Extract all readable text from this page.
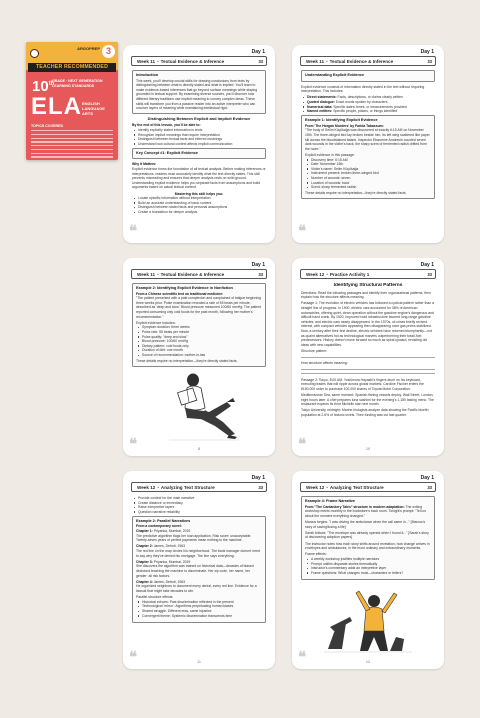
ARGOPREP 3
TEACHER RECOMMENDED
10th
GRADE · NEXT GENERATION LEARNING STANDARDS
ELA ENGLISH LANGUAGE ARTS
TOPICS COVERED
Day 1
Week 11 • Textual Evidence & Inference	33
Introduction
This week, you'll develop crucial skills for drawing conclusions from texts by distinguishing between what is directly stated and what is implied. You'll learn to make evidence-based inferences that go beyond surface meanings while staying grounded in textual support. By examining diverse sources, you'll discover how different literary traditions use implicit meaning to convey complex ideas. These skills will transform you from a passive reader into an active interpreter who can uncover layers of meaning while maintaining intellectual rigor.
Distinguishing Between Explicit and Implicit Evidence
By the end of this lesson, you'll be able to:
Identify explicitly stated information in texts
Recognize implicit meanings that require interpretation
Distinguish between textual facts and inferred meanings
Understand how cultural context affects implicit communication
Key Concept #1: Explicit Evidence
Why It Matters:
Explicit evidence forms the foundation of all textual analysis. Before making inferences or interpretations, readers must accurately identify what the text directly states. This skill prevents misreading and ensures that deeper analysis rests on solid ground. Understanding explicit evidence helps you separate facts from assumptions and build arguments based on actual textual content.
Mastering this skill helps you:
Locate specific information without interpretation
Build an accurate understanding of basic content
Distinguish between stated facts and personal assumptions
Create a foundation for deeper analysis
❝
Day 1
Week 11 • Textual Evidence & Inference	33
Understanding Explicit Evidence
Explicit evidence consists of information directly stated in the text without requiring interpretation. This includes:
Direct statements: Facts, descriptions, or claims clearly written
Quoted dialogue: Exact words spoken by characters
Numerical data: Specific dates, times, or measurements provided
Named entities: Specific people, places, or things identified
Example 1: Identifying Explicit Evidence
From 'The Horgan Murders' by Farida Tabassum:
"The body of Selim Küçükağa was discovered at exactly 6:15 AM on November 15th. The three-winged bird lay broken beside him. Its left wing scattered like paper slit across the bloodstained tatami. Inspector Ekwueme Amdrecin counted seven dark wounds in the victim's back, the sharp scent of fermented radish drifted from the room."
Explicit evidence in this passage:
Discovery time: 6:15 AM
Date: November 15th
Victim's name: Selim Küçükağa
Instrument present: broken three-winged bird
Number of wounds: seven
Location of wounds: back
Scent: sharp fermented radish
These details require no interpretation—they're directly stated facts.
❝
Day 1
Week 11 • Textual Evidence & Inference	33
Example 2: Identifying Explicit Evidence in Nonfiction
From a Chinese scientific text on traditional medicine:
"The patient presented with a pale complexion and complained of fatigue beginning three weeks prior. Pulse examination revealed a rate of 55 beats per minute, described as 'deep and slow.' Blood pressure measured 100/60 mmHg. The patient reported consuming only cold foods for the past month, following her mother's recommendation."
Explicit evidence includes:
Symptom duration: three weeks
Pulse rate: 55 beats per minute
Pulse quality: "deep and slow"
Blood pressure: 100/60 mmHg
Dietary pattern: cold foods only
Duration of diet: one month
Source of recommendation: mother-in-law
These details require no interpretation—they're directly stated facts.
❝	8
Day 1
Week 12 • Practice Activity 1	33
Identifying Structural Patterns
Directions: Read the following passages and identify their organizational patterns, then explain how the structure affects meaning.
Passage 1: The evolution of electric vehicles has followed a cyclical pattern rather than a straight line of progress. In 1900, electric cars accounted for 38% of American automobiles, offering quiet, clean operation without the gasoline engine's dangerous and difficult hand crank. By 1920, improved road infrastructure favored long-range gasoline vehicles, and electric cars nearly disappeared. In the 1970s, oil crises briefly revived interest, with compact vehicles appearing then disappearing once gas prices stabilized. Now, a century after their first decline, electric vehicles have returned triumphantly—not as quaint alternatives but as technological marvels outperforming their fossil-fuel predecessors. History doesn't move forward so much as spiral upward, revisiting old ideas with new capabilities.
Structure pattern:
How structure affects meaning:
Passage 2: Tokyo, 8:00 AM: Yoshimura Hayashi's fingers drum on his keyboard, executing trades that will ripple across global markets. Caroline Fischer enters the ¥150,000 order to purchase 100,000 shares of Toyota Motor Corporation.
Mediterranean Sea, same moment: Spanish fishing vessels deploy. Wall Street, London, eight hours later: A chef prepares tuna sashimi for the evening's 1,180 tasting menu. The restaurant expects its third Michelin star next month.
Tokyo University, midnight: Marine biologists analyze data showing the Pacific bluefin population at 2.6% of historic levels. Their funding was cut last quarter.
❝	10
Day 1
Week 12 • Analyzing Text Structure	33
Provide context for the main narrative
Create distance or immediacy
Raise interpretive layers
Question narrative reliability
Example 2: Parallel Narratives
From a contemporary novel:
Chapter 1: Priyanka, Mumbai, 2019
The predictive algorithm flags her loan application. Risk score: unacceptable. Twenty-seven years of perfect payments mean nothing to the machine.
Chapter 2: James, Detroit, 1963
The red line on the map circles his neighborhood. The bank manager doesn't need to say why they've denied his mortgage. The line says everything.
Chapter 3: Priyanka, Mumbai, 2019
She discovers the algorithm was trained on historical data—decades of biased decisions teaching the machine to discriminate. Her zip code, her name, her gender: all risk factors.
Chapter 4: James, Detroit, 1963
He organized neighbors to document every denial, every red line. Evidence for a lawsuit that might take decades to win.
Parallel structure effects:
Historical echoes: Past discrimination reflected in the present
Technological 'mirror': Algorithms perpetuating human biases
Shared struggle: Different eras, same injustice
Convergent theme: Systemic discrimination transcends time
❝	11
Day 1
Week 12 • Analyzing Text Structure	33
Example 4: Frame Narrative
From "The Cantankery Tales" structure in modern adaptation: The writing workshop meets monthly in the bookstore's back room. Tonight's prompt: "Tell us about the moment everything changed."
Marcus begins: "I was driving the ambulance when the call came in..." [Marcus's story of saving/losing a life]
Sarah follows: "The envelope was already opened when I found it..." [Sarah's story of discovering adoption papers]
The instructor notes how each story shifts around revelation, how change arrives in envelopes and ambulances, in the most ordinary and extraordinary moments.
Frame effects:
A weekly workshop justifies multiple narrators
Prompt unifies disparate stories thematically
Instructor's commentary adds an interpretive layer
Frame questions: What changes most—characters or tellers?
❝	12
